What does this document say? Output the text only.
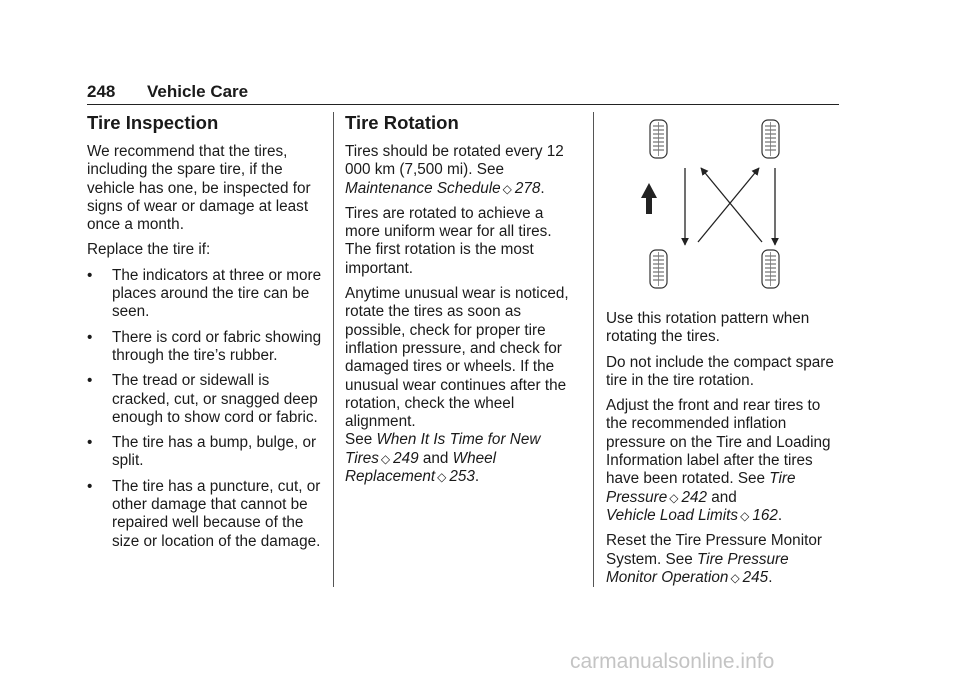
248 Vehicle Care
Tire Inspection

We recommend that the tires, including the spare tire, if the vehicle has one, be inspected for signs of wear or damage at least once a month.

Replace the tire if:

• The indicators at three or more places around the tire can be seen.
• There is cord or fabric showing through the tire’s rubber.
• The tread or sidewall is cracked, cut, or snagged deep enough to show cord or fabric.
• The tire has a bump, bulge, or split.
• The tire has a puncture, cut, or other damage that cannot be repaired well because of the size or location of the damage.
Tire Rotation

Tires should be rotated every 12 000 km (7,500 mi). See
Maintenance Schedule ◇ 278.

Tires are rotated to achieve a more uniform wear for all tires. The first rotation is the most important.

Anytime unusual wear is noticed, rotate the tires as soon as possible, check for proper tire inflation pressure, and check for damaged tires or wheels. If the unusual wear continues after the rotation, check the wheel alignment.
See When It Is Time for New Tires ◇ 249 and Wheel Replacement ◇ 253.

Use this rotation pattern when rotating the tires.

Do not include the compact spare tire in the tire rotation.

Adjust the front and rear tires to the recommended inflation pressure on the Tire and Loading Information label after the tires have been rotated. See Tire Pressure ◇ 242 and
Vehicle Load Limits ◇ 162.

Reset the Tire Pressure Monitor System. See Tire Pressure Monitor Operation ◇ 245.

carmanualsonline.info
